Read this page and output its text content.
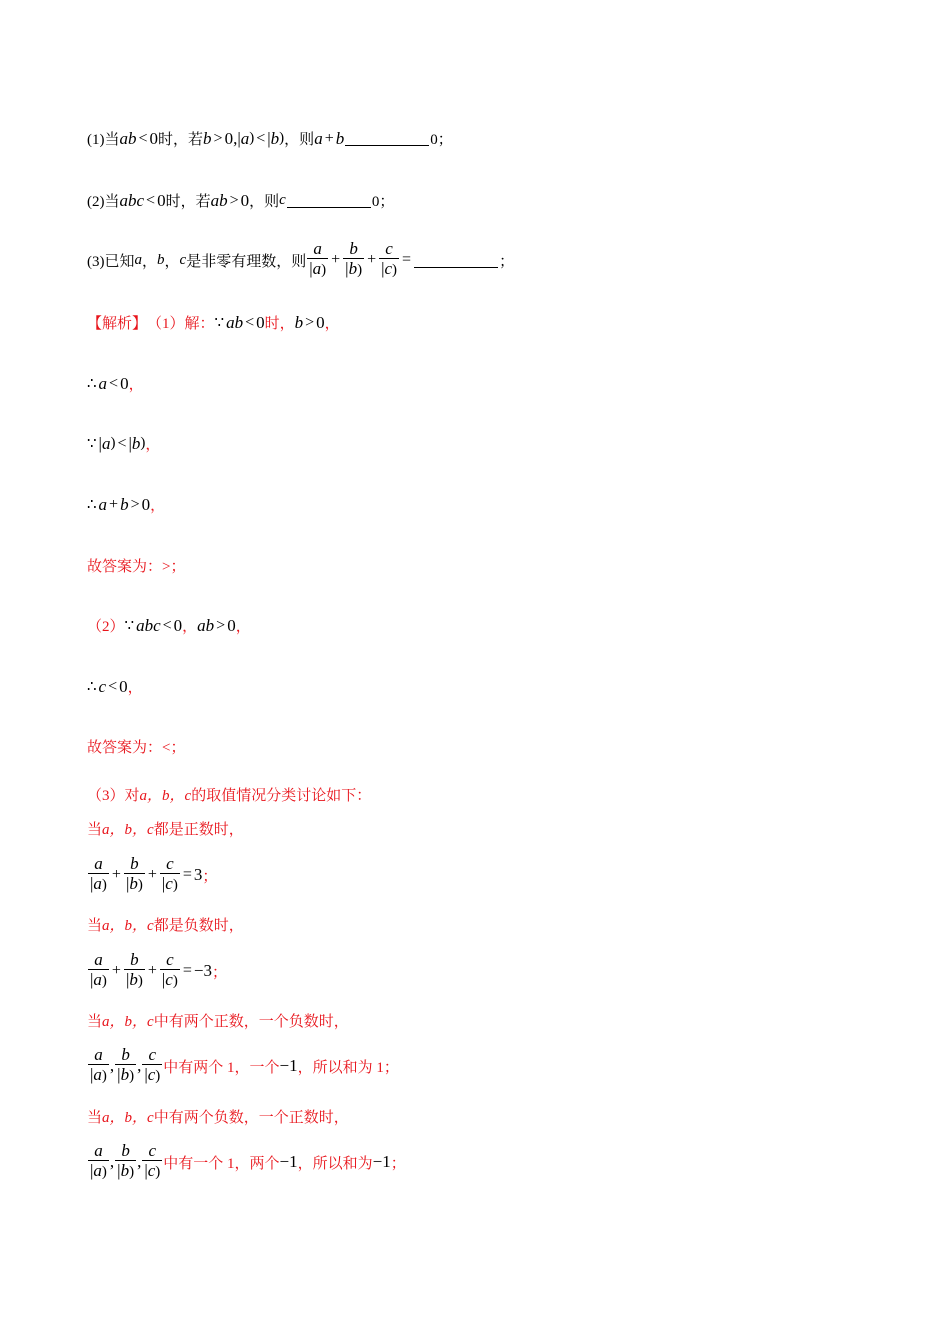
(1)当 ab < 0 时，若 b > 0 , | a ) < | b ) ，则 a + b	0；
(2)当 abc < 0 时，若 ab > 0 ，则 c	0；
(3)已知 a ， b ， c 是非零有理数，则 $\frac{a}{|a)} + \frac{b}{|b)} + \frac{c}{|c)}$ =	；
【解析】 （1）解： ∵ ab < 0 时， b > 0 ，
∴ a < 0 ，
∵ | a ) < | b ) ，
∴ a + b > 0 ，
故答案为：>；
（2） ∵ abc < 0 ， ab > 0 ，
∴ c < 0 ，
故答案为：<；
（3）对 a，b，c 的取值情况分类讨论如下：
当 a，b，c 都是正数时，
$\frac{a}{|a)} + \frac{b}{|b)} + \frac{c}{|c)} = 3$ ；
当 a，b，c 都是负数时，
$\frac{a}{|a)} + \frac{b}{|b)} + \frac{c}{|c)} = -3$ ；
当 a，b，c 中有两个正数，一个负数时，
$\frac{a}{|a)}$ , $\frac{b}{|b)}$ , $\frac{c}{|c)}$ 中有两个 1，一个 −1 ，所以和为 1；
当 a，b，c 中有两个负数，一个正数时，
$\frac{a}{|a)}$ , $\frac{b}{|b)}$ , $\frac{c}{|c)}$ 中有一个 1，两个 −1 ，所以和为 −1 ；
